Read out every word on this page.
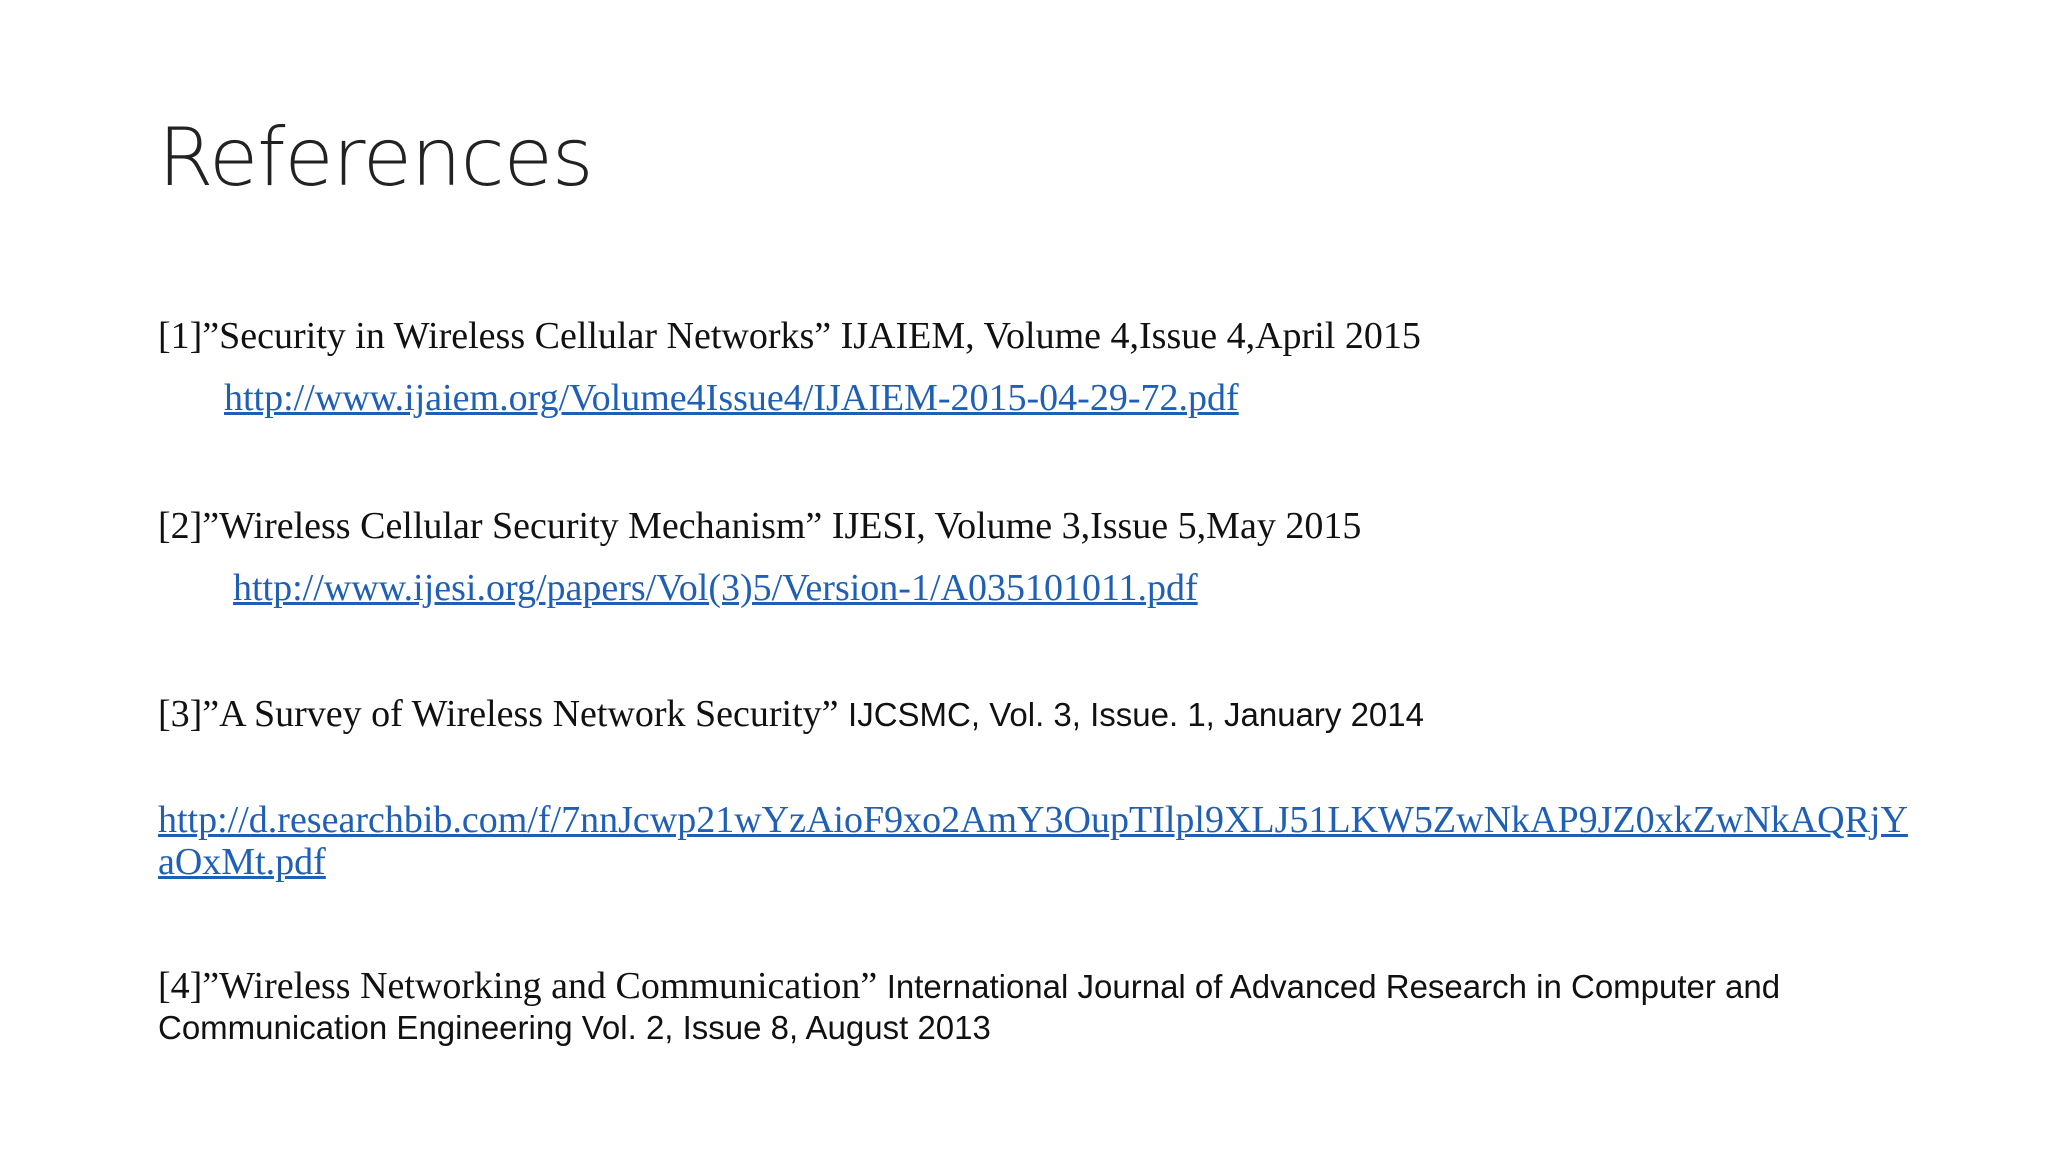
References
[1]”Security in Wireless Cellular Networks” IJAIEM, Volume 4,Issue 4,April 2015
http://www.ijaiem.org/Volume4Issue4/IJAIEM-2015-04-29-72.pdf
[2]”Wireless Cellular Security Mechanism” IJESI, Volume 3,Issue 5,May 2015
http://www.ijesi.org/papers/Vol(3)5/Version-1/A035101011.pdf
[3]”A Survey of Wireless Network Security” IJCSMC, Vol. 3, Issue. 1, January 2014
http://d.researchbib.com/f/7nnJcwp21wYzAioF9xo2AmY3OupTIlpl9XLJ51LKW5ZwNkAP9JZ0xkZwNkAQRjYaOxMt.pdf
[4]”Wireless Networking and Communication” International Journal of Advanced Research in Computer and Communication Engineering Vol. 2, Issue 8, August 2013
